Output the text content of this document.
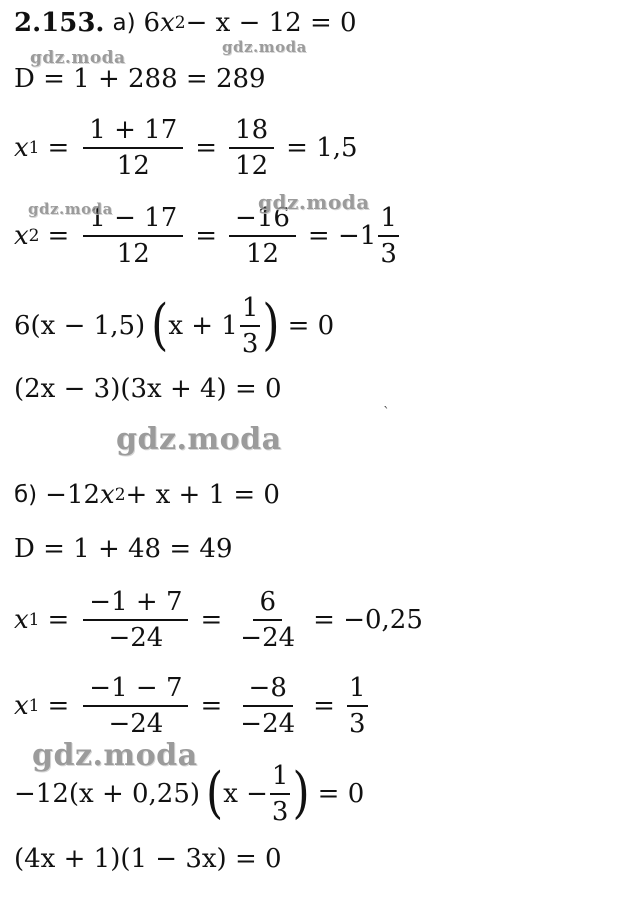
2.153. а) 6 x 2 − x − 12 = 0
D = 1 + 288 = 289
x $1 = \frac{1 + 17}{12} = \frac{18}{12} = 1,5$
x $2 = \frac{1 - 17}{12} = \frac{-16}{12} = -1 \frac{1}{3}$
6(x − 1,5) ( $x + 1 \frac{1}{3}$ ) = 0
(2x − 3)(3x + 4) = 0
б) −12 x 2 + x + 1 = 0
D = 1 + 48 = 49
x $1 = \frac{-1 + 7}{-24} = \frac{6}{-24} = -0,25$
x $1 = \frac{-1 - 7}{-24} = \frac{-8}{-24} = \frac{1}{3}$
−12(x + 0,25) ( $x - \frac{1}{3}$ ) = 0
(4x + 1)(1 − 3x) = 0
gdz.moda
gdz.moda
gdz.moda	gdz.moda
gdz.moda
gdz.moda
ˋ
